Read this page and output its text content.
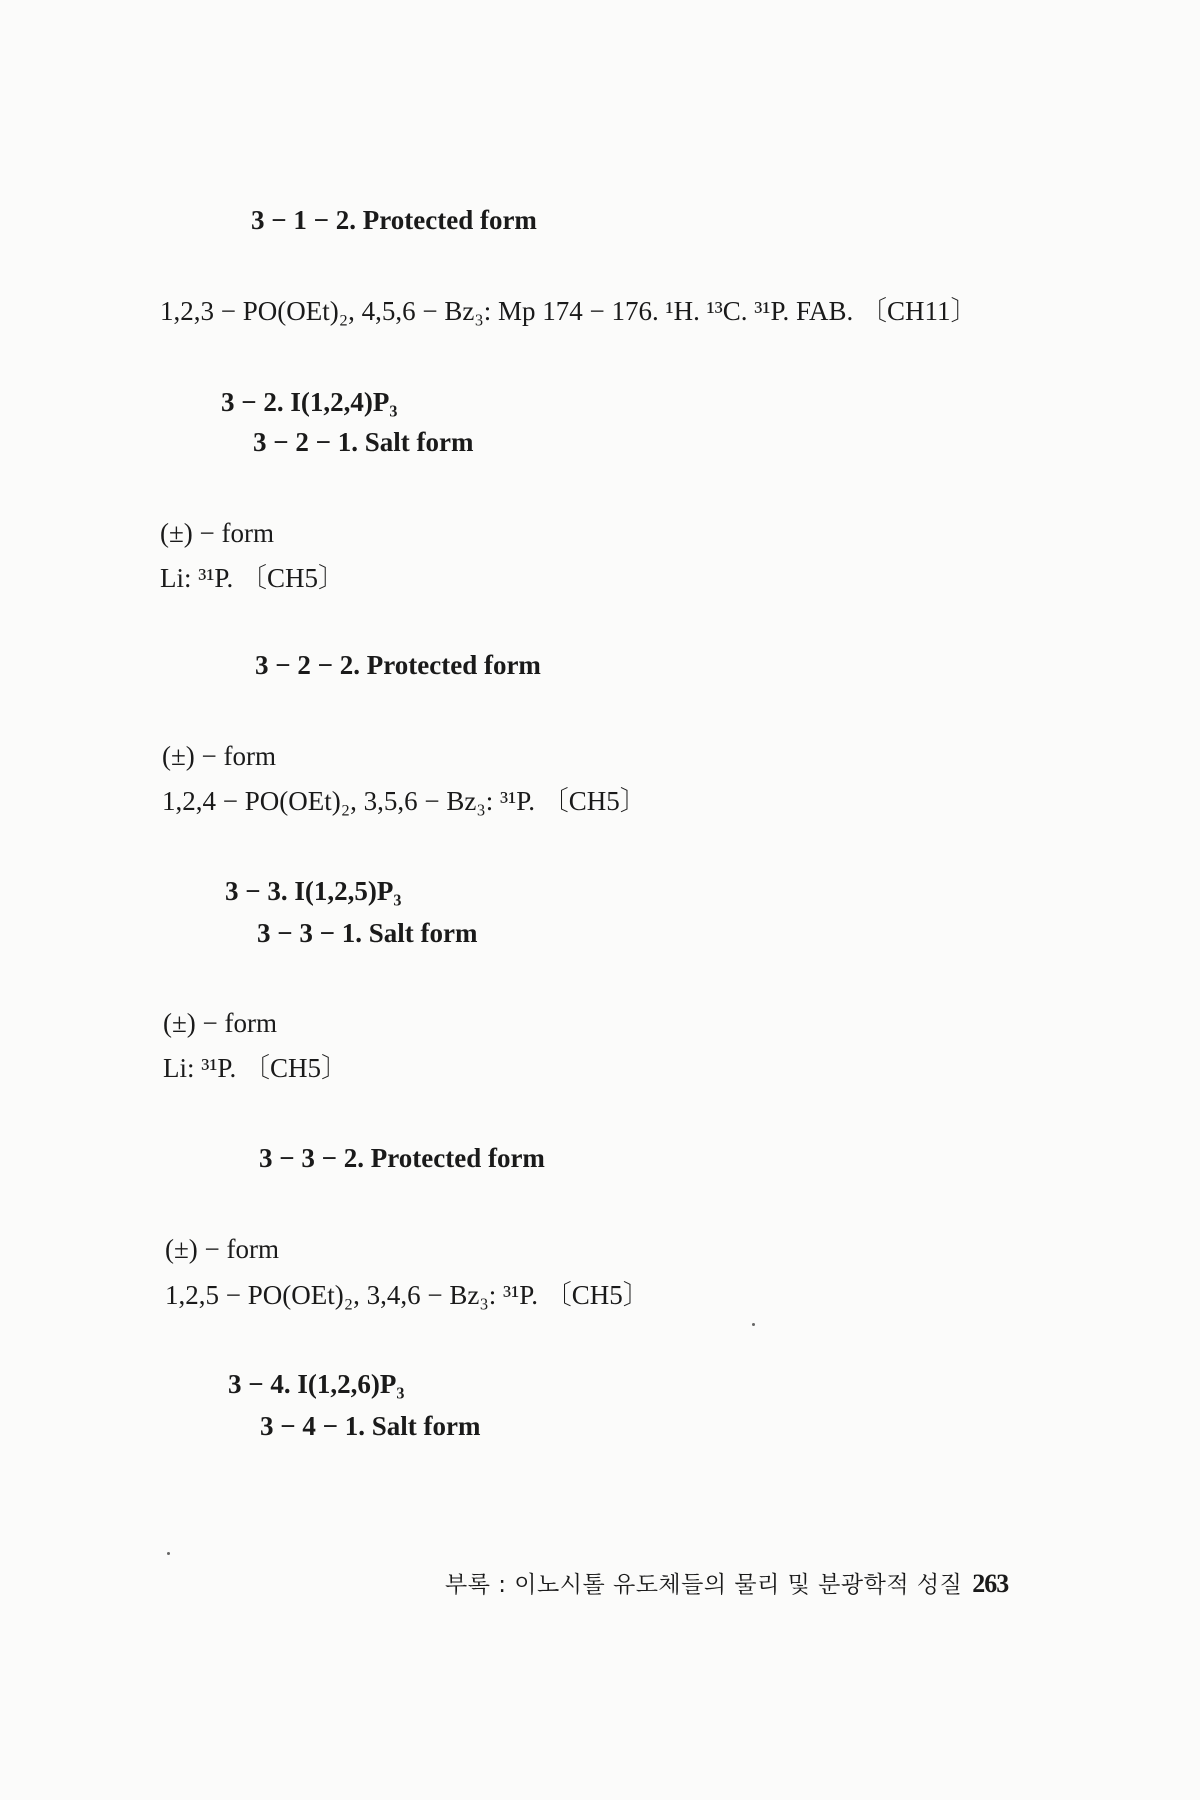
3 − 1 − 2. Protected form
1,2,3 − PO(OEt)₂, 4,5,6 − Bz₃: Mp 174 − 176. ¹H. ¹³C. ³¹P. FAB. 〔CH11〕
3 − 2. I(1,2,4)P₃
3 − 2 − 1. Salt form
(±) − form
Li: ³¹P. 〔CH5〕
3 − 2 − 2. Protected form
(±) − form
1,2,4 − PO(OEt)₂, 3,5,6 − Bz₃: ³¹P. 〔CH5〕
3 − 3. I(1,2,5)P₃
3 − 3 − 1. Salt form
(±) − form
Li: ³¹P. 〔CH5〕
3 − 3 − 2. Protected form
(±) − form
1,2,5 − PO(OEt)₂, 3,4,6 − Bz₃: ³¹P. 〔CH5〕
3 − 4. I(1,2,6)P₃
3 − 4 − 1. Salt form
부록 : 이노시톨 유도체들의 물리 및 분광학적 성질 263
